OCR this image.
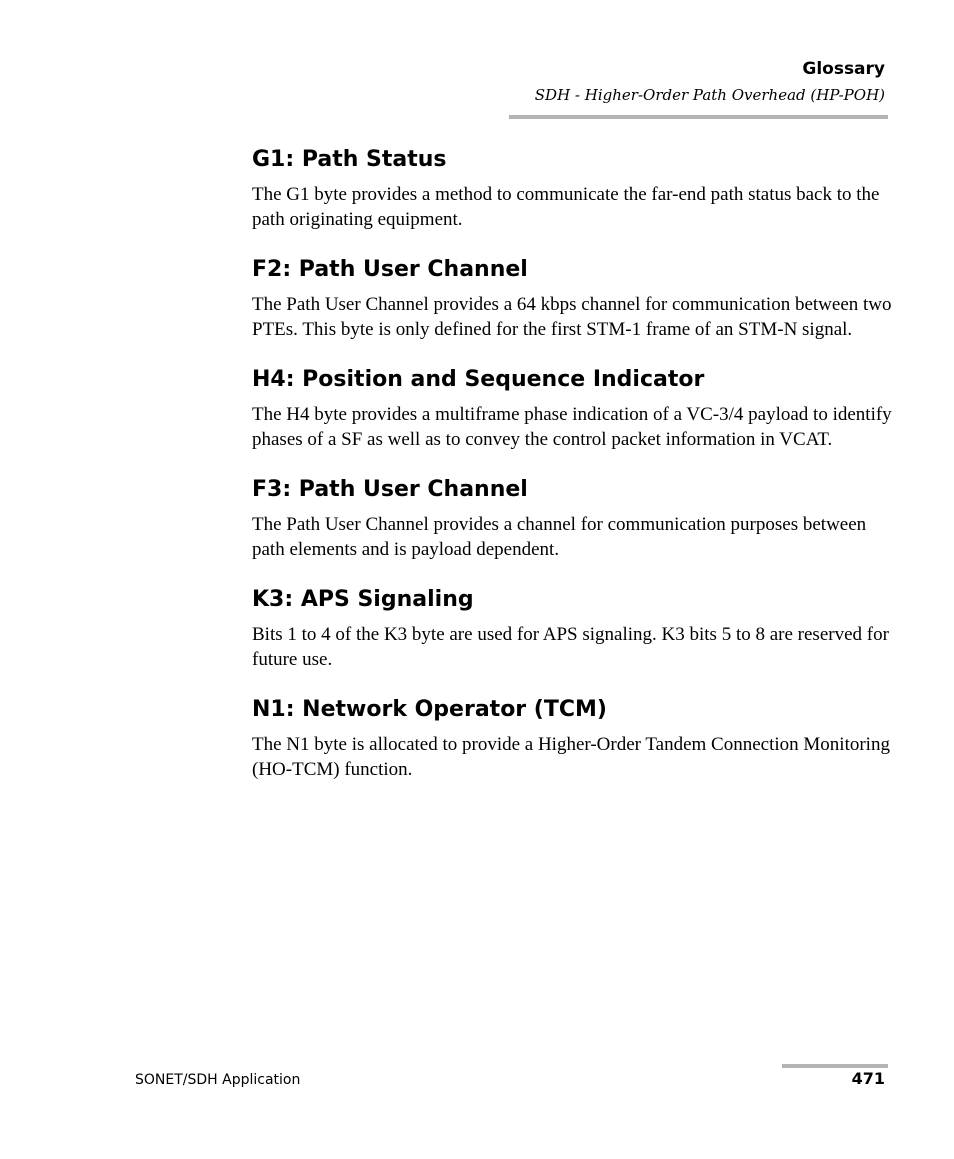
Glossary
SDH - Higher-Order Path Overhead (HP-POH)
G1: Path Status

The G1 byte provides a method to communicate the far-end path status back to the path originating equipment.

F2: Path User Channel

The Path User Channel provides a 64 kbps channel for communication between two PTEs. This byte is only defined for the first STM-1 frame of an STM-N signal.

H4: Position and Sequence Indicator

The H4 byte provides a multiframe phase indication of a VC-3/4 payload to identify phases of a SF as well as to convey the control packet information in VCAT.

F3: Path User Channel

The Path User Channel provides a channel for communication purposes between path elements and is payload dependent.

K3: APS Signaling

Bits 1 to 4 of the K3 byte are used for APS signaling. K3 bits 5 to 8 are reserved for future use.

N1: Network Operator (TCM)

The N1 byte is allocated to provide a Higher-Order Tandem Connection Monitoring (HO-TCM) function.

SONET/SDH Application	471
